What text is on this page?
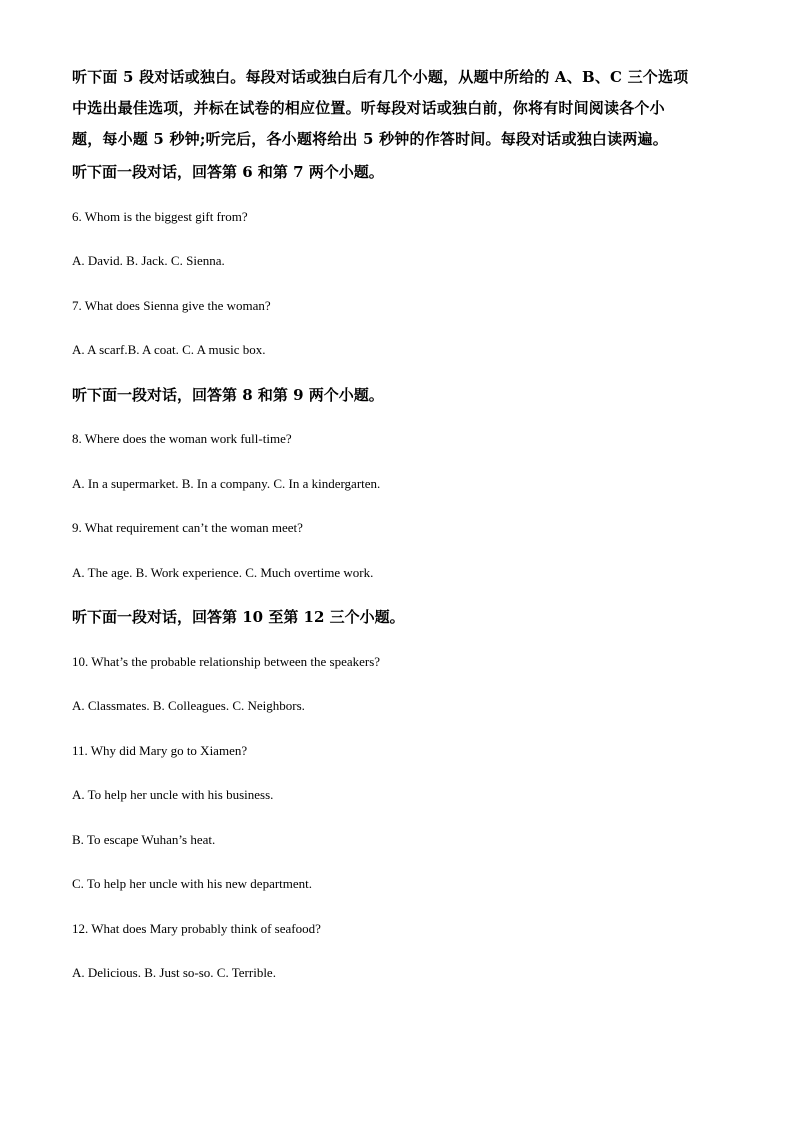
听下面 5 段对话或独白。每段对话或独白后有几个小题，从题中所给的 A、B、C 三个选项
中选出最佳选项，并标在试卷的相应位置。听每段对话或独白前，你将有时间阅读各个小
题，每小题 5 秒钟;听完后，各小题将给出 5 秒钟的作答时间。每段对话或独白读两遍。
听下面一段对话，回答第 6 和第 7 两个小题。
6. Whom is the biggest gift from?
A. David. B. Jack. C. Sienna.
7. What does Sienna give the woman?
A. A scarf.B. A coat. C. A music box.
听下面一段对话，回答第 8 和第 9 两个小题。
8. Where does the woman work full-time?
A. In a supermarket. B. In a company. C. In a kindergarten.
9. What requirement can’t the woman meet?
A. The age. B. Work experience. C. Much overtime work.
听下面一段对话，回答第 10 至第 12 三个小题。
10. What’s the probable relationship between the speakers?
A. Classmates. B. Colleagues. C. Neighbors.
11. Why did Mary go to Xiamen?
A. To help her uncle with his business.
B. To escape Wuhan’s heat.
C. To help her uncle with his new department.
12. What does Mary probably think of seafood?
A. Delicious. B. Just so-so. C. Terrible.
